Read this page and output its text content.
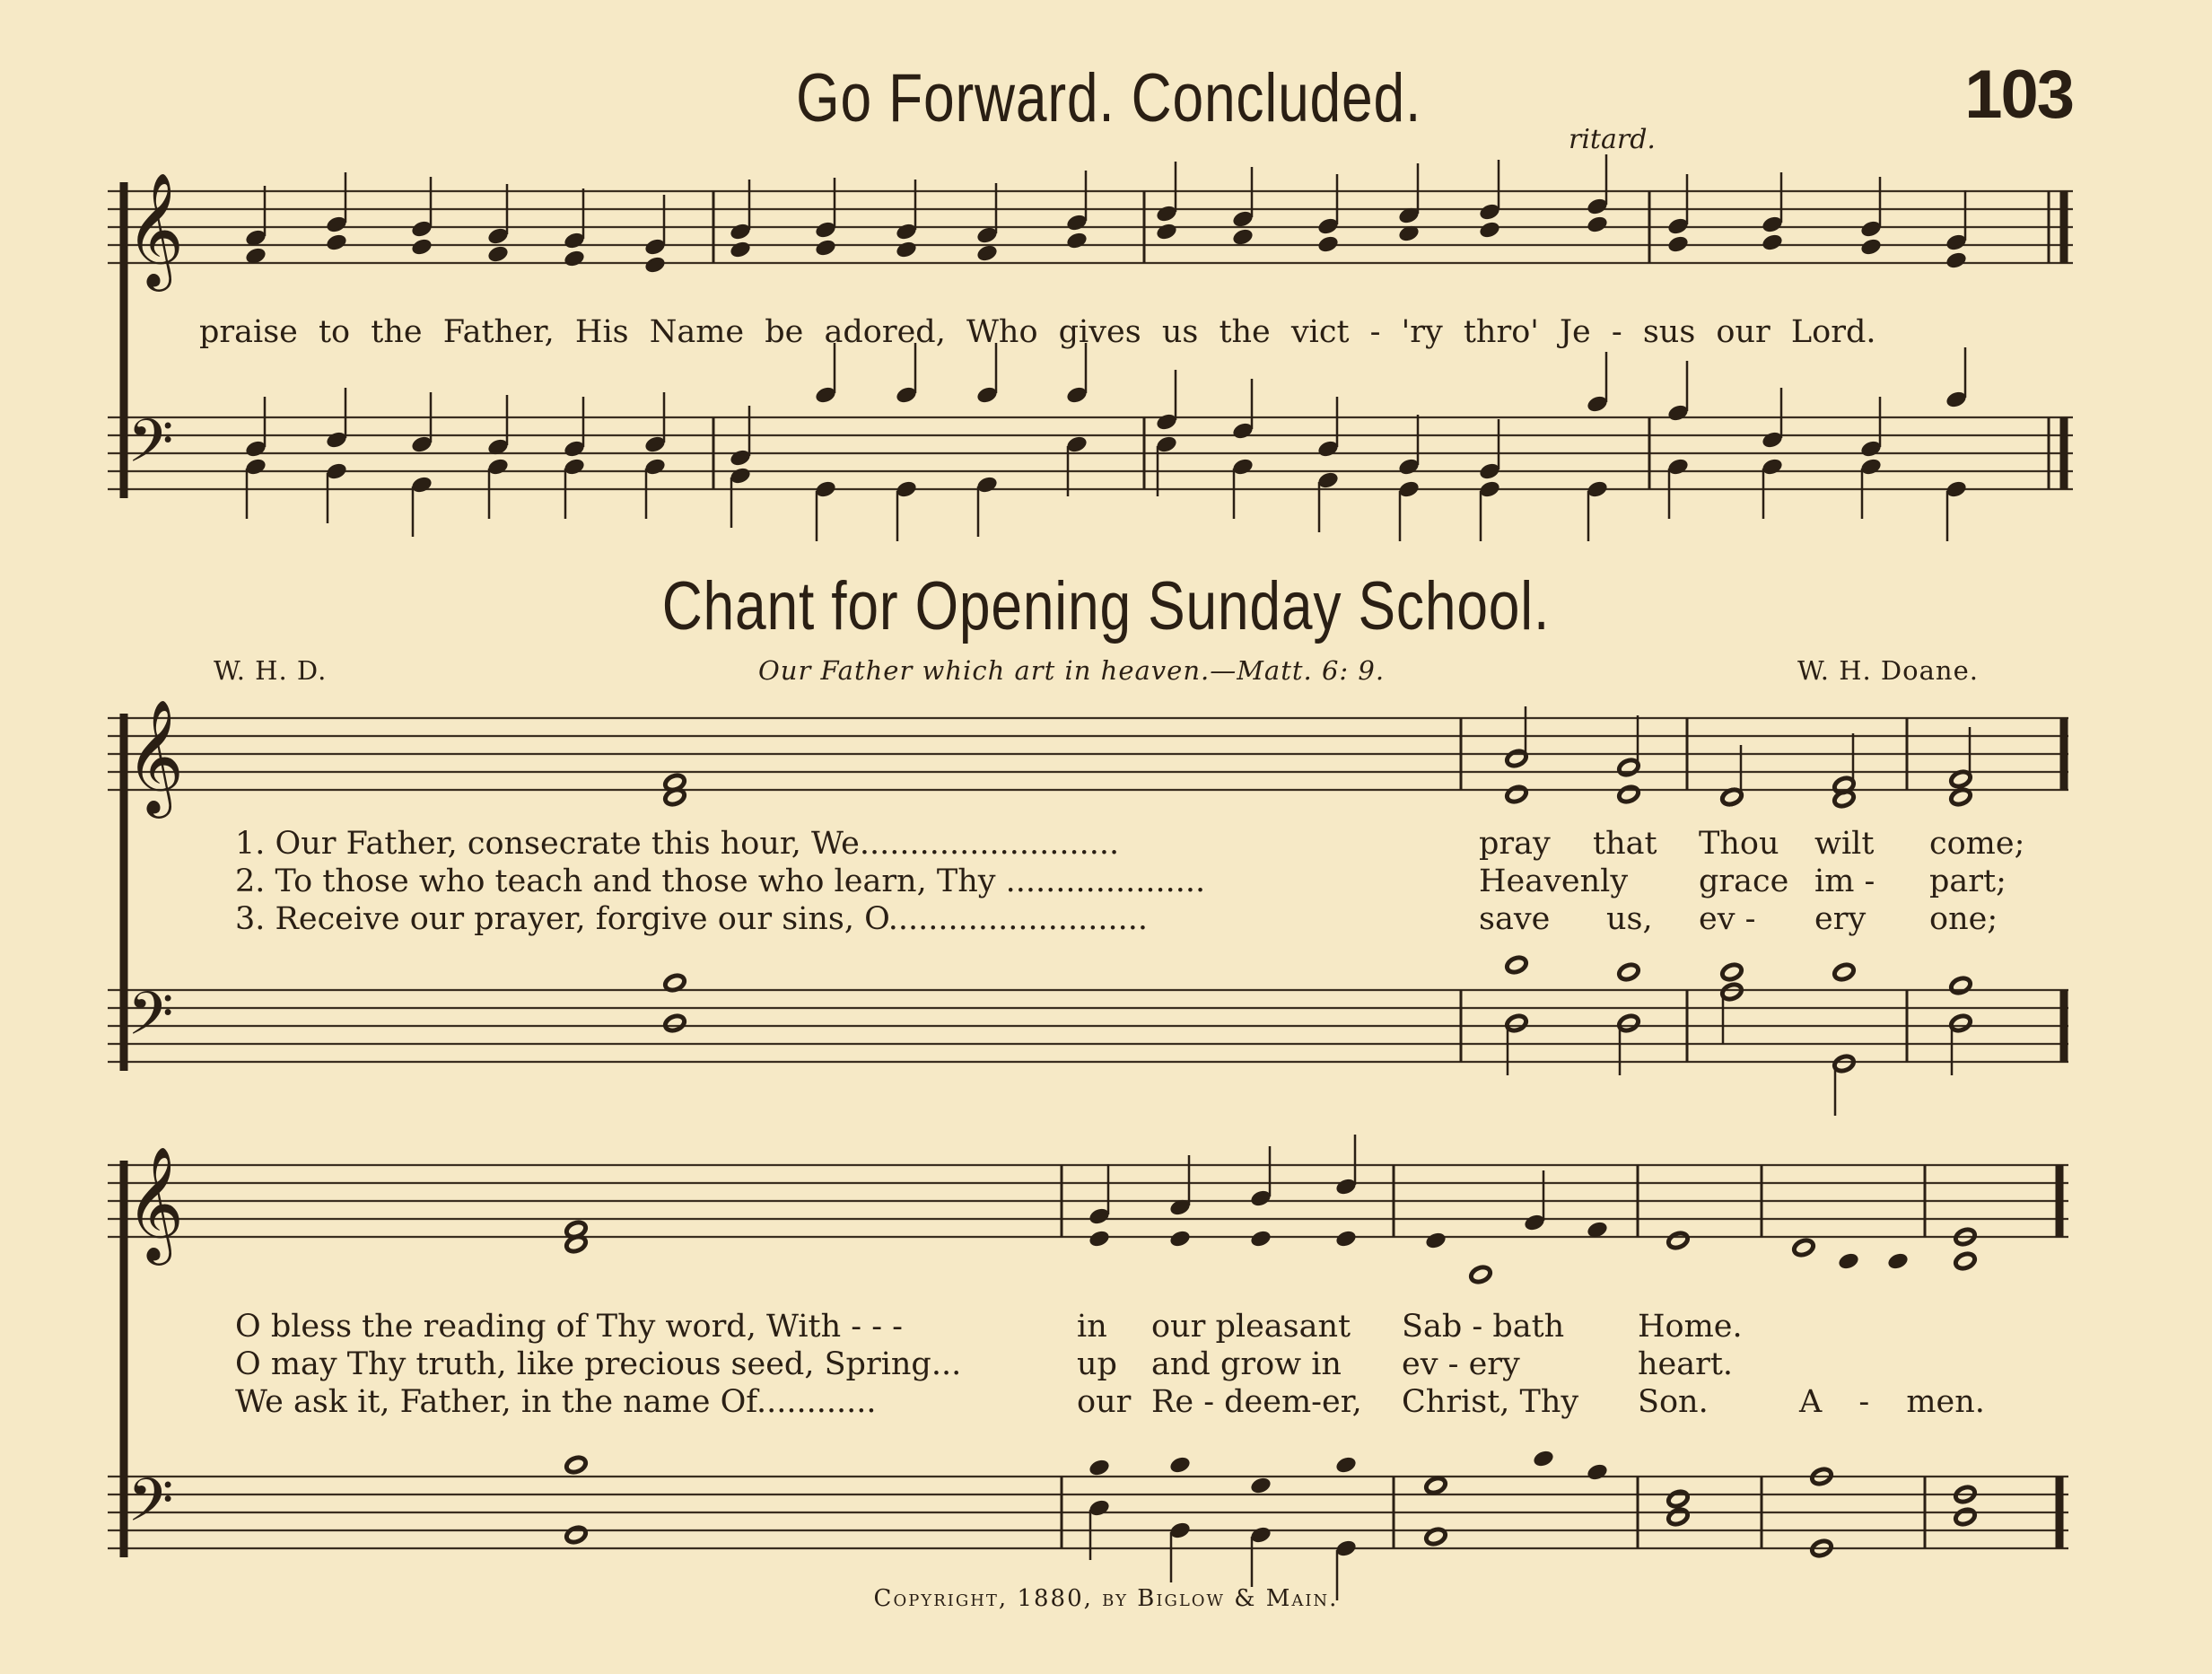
Go Forward. Concluded.	103
ritard.
praise to the Father, His Name be adored, Who gives us the vict - 'ry thro' Je - sus our Lord.
Chant for Opening Sunday School.
W. H. D.	Our Father which art in heaven.—Matt. 6: 9.	W. H. Doane.
1. Our Father, consecrate this hour, We..........................	pray that Thou wilt come;
2. To those who teach and those who learn, Thy ....................	Heavenly grace im - part;
3. Receive our prayer, forgive our sins, O..........................	save us, ev - ery one;
O bless the reading of Thy word, With - - -	in our pleasant Sab - bath Home.
O may Thy truth, like precious seed, Spring...	up and grow in ev - ery	heart.
We ask it, Father, in the name Of............	our Re - deem-er, Christ, Thy Son.	A - men.
Copyright, 1880, by Biglow & Main.
𝄞
𝄢
𝄞
𝄢
𝄞
𝄢
